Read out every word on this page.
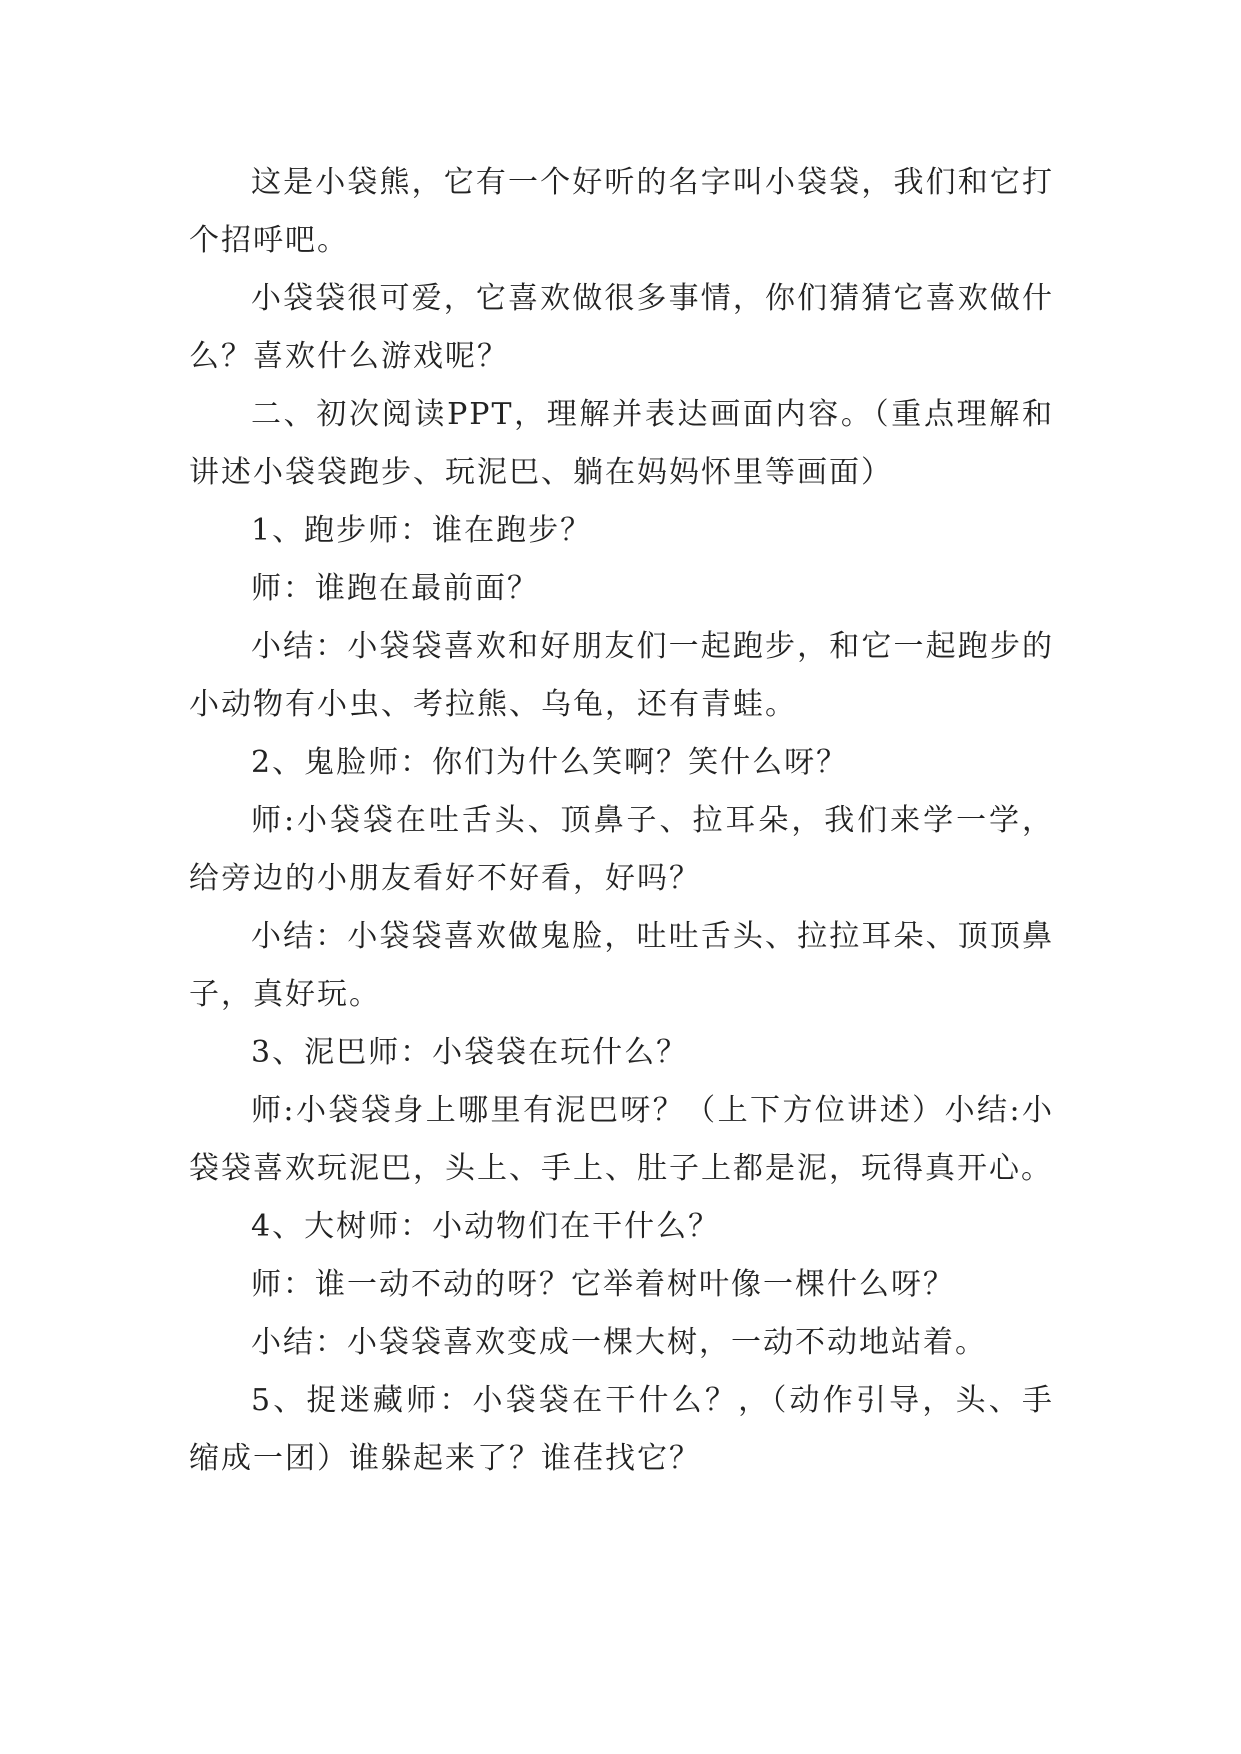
这是小袋熊，它有一个好听的名字叫小袋袋，我们和它打个招呼吧。

小袋袋很可爱，它喜欢做很多事情，你们猜猜它喜欢做什么？喜欢什么游戏呢？

二、初次阅读PPT，理解并表达画面内容。（重点理解和讲述小袋袋跑步、玩泥巴、躺在妈妈怀里等画面）

1、跑步师：谁在跑步？

师：谁跑在最前面？

小结：小袋袋喜欢和好朋友们一起跑步，和它一起跑步的小动物有小虫、考拉熊、乌龟，还有青蛙。

2、鬼脸师：你们为什么笑啊？笑什么呀？

师:小袋袋在吐舌头、顶鼻子、拉耳朵，我们来学一学，给旁边的小朋友看好不好看，好吗？

小结：小袋袋喜欢做鬼脸，吐吐舌头、拉拉耳朵、顶顶鼻子，真好玩。

3、泥巴师：小袋袋在玩什么？

师:小袋袋身上哪里有泥巴呀？（上下方位讲述）小结:小袋袋喜欢玩泥巴，头上、手上、肚子上都是泥，玩得真开心。

4、大树师：小动物们在干什么？

师：谁一动不动的呀？它举着树叶像一棵什么呀？

小结：小袋袋喜欢变成一棵大树，一动不动地站着。

5、捉迷藏师：小袋袋在干什么？，（动作引导，头、手缩成一团）谁躲起来了？谁荏找它？
